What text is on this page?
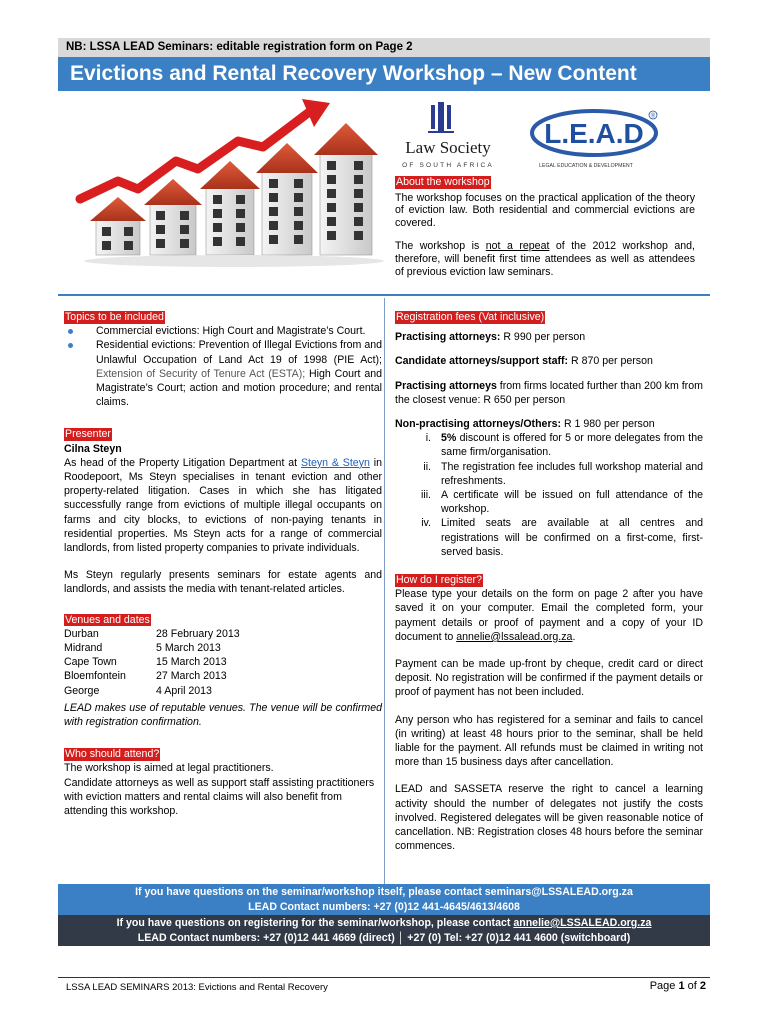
NB: LSSA LEAD Seminars: editable registration form on Page 2
Evictions and Rental Recovery Workshop – New Content
Law Society
OF SOUTH AFRICA
L.E.A.D
®
LEGAL EDUCATION & DEVELOPMENT
About the workshop

The workshop focuses on the practical application of the theory of eviction law. Both residential and commercial evictions are covered.

The workshop is not a repeat of the 2012 workshop and, therefore, will benefit first time attendees as well as attendees of previous eviction law seminars.

Topics to be included
Commercial evictions: High Court and Magistrate’s Court.
Residential evictions: Prevention of Illegal Evictions from and Unlawful Occupation of Land Act 19 of 1998 (PIE Act); Extension of Security of Tenure Act (ESTA); High Court and Magistrate’s Court; action and motion procedure; and rental claims.
Presenter

Cilna Steyn

As head of the Property Litigation Department at Steyn & Steyn in Roodepoort, Ms Steyn specialises in tenant eviction and other property-related litigation. Cases in which she has litigated successfully range from evictions of multiple illegal occupants on farms and city blocks, to evictions of non-paying tenants in residential properties. Ms Steyn acts for a range of commercial landlords, from listed property companies to private individuals.

Ms Steyn regularly presents seminars for estate agents and landlords, and assists the media with tenant-related articles.

Venues and dates
Durban	28 February 2013
Midrand	5 March 2013
Cape Town	15 March 2013
Bloemfontein	27 March 2013
George	4 April 2013

LEAD makes use of reputable venues. The venue will be confirmed with registration confirmation.

Who should attend?

The workshop is aimed at legal practitioners.

Candidate attorneys as well as support staff assisting practitioners with eviction matters and rental claims will also benefit from attending this workshop.

Registration fees (Vat inclusive)

Practising attorneys: R 990 per person

Candidate attorneys/support staff: R 870 per person

Practising attorneys from firms located further than 200 km from the closest venue: R 650 per person

Non-practising attorneys/Others: R 1 980 per person

i. 5% discount is offered for 5 or more delegates from the same firm/organisation.
ii. The registration fee includes full workshop material and refreshments.
iii. A certificate will be issued on full attendance of the workshop.
iv. Limited seats are available at all centres and registrations will be confirmed on a first-come, first-served basis.
How do I register?

Please type your details on the form on page 2 after you have saved it on your computer. Email the completed form, your payment details or proof of payment and a copy of your ID document to annelie@lssalead.org.za.

Payment can be made up-front by cheque, credit card or direct deposit. No registration will be confirmed if the payment details or proof of payment has not been included.

Any person who has registered for a seminar and fails to cancel (in writing) at least 48 hours prior to the seminar, shall be held liable for the payment. All refunds must be claimed in writing not more than 15 business days after cancellation.

LEAD and SASSETA reserve the right to cancel a learning activity should the number of delegates not justify the costs involved. Registered delegates will be given reasonable notice of cancellation. NB: Registration closes 48 hours before the seminar commences.

If you have questions on the seminar/workshop itself, please contact seminars@LSSALEAD.org.za
LEAD Contact numbers: +27 (0)12 441-4645/4613/4608
If you have questions on registering for the seminar/workshop, please contact annelie@LSSALEAD.org.za
LEAD Contact numbers: +27 (0)12 441 4669 (direct) │ +27 (0) Tel: +27 (0)12 441 4600 (switchboard)
LSSA LEAD SEMINARS 2013: Evictions and Rental Recovery	Page 1 of 2
